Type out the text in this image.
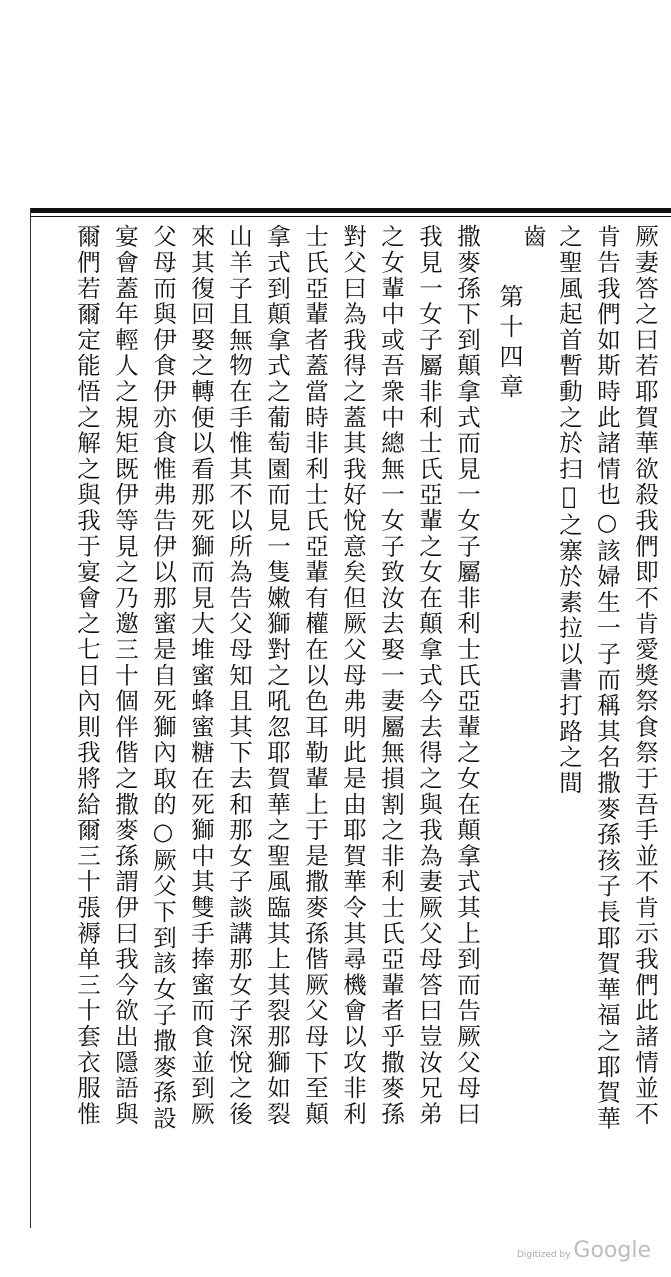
厥妻答之曰若耶賀華欲殺我們即不肯愛獎祭食祭于吾手並不肯示我們此諸情並不
肯告我們如斯時此諸情也○該婦生一子而稱其名撒麥孫孩子長耶賀華福之耶賀華
之聖風起首暫動之於扫𡘜之寨於素拉以書打路之間
齒
　　第十四章
撒麥孫下到顛拿式而見一女子屬非利士氏亞輩之女在顛拿式其上到而告厥父母曰
我見一女子屬非利士氏亞輩之女在顛拿式今去得之與我為妻厥父母答曰豈汝兄弟
之女輩中或吾衆中總無一女子致汝去娶一妻屬無損割之非利士氏亞輩者乎撒麥孫
對父曰為我得之蓋其我好悅意矣但厥父母弗明此是由耶賀華令其尋機會以攻非利
士氏亞輩者蓋當時非利士氏亞輩有權在以色耳勒輩上于是撒麥孫偕厥父母下至顛
拿式到顛拿式之葡萄園而見一隻嫩獅對之吼忽耶賀華之聖風臨其上其裂那獅如裂
山羊子且無物在手惟其不以所為告父母知且其下去和那女子談講那女子深悅之後
來其復回娶之轉便以看那死獅而見大堆蜜蜂蜜糖在死獅中其雙手捧蜜而食並到厥
父母而與伊食伊亦食惟弗告伊以那蜜是自死獅內取的○厥父下到該女子撒麥孫設
宴會蓋年輕人之規矩既伊等見之乃邀三十個伴偕之撒麥孫謂伊曰我今欲出隱語與
爾們若爾定能悟之解之與我于宴會之七日內則我將給爾三十張褥单三十套衣服惟
Digitized by Google
